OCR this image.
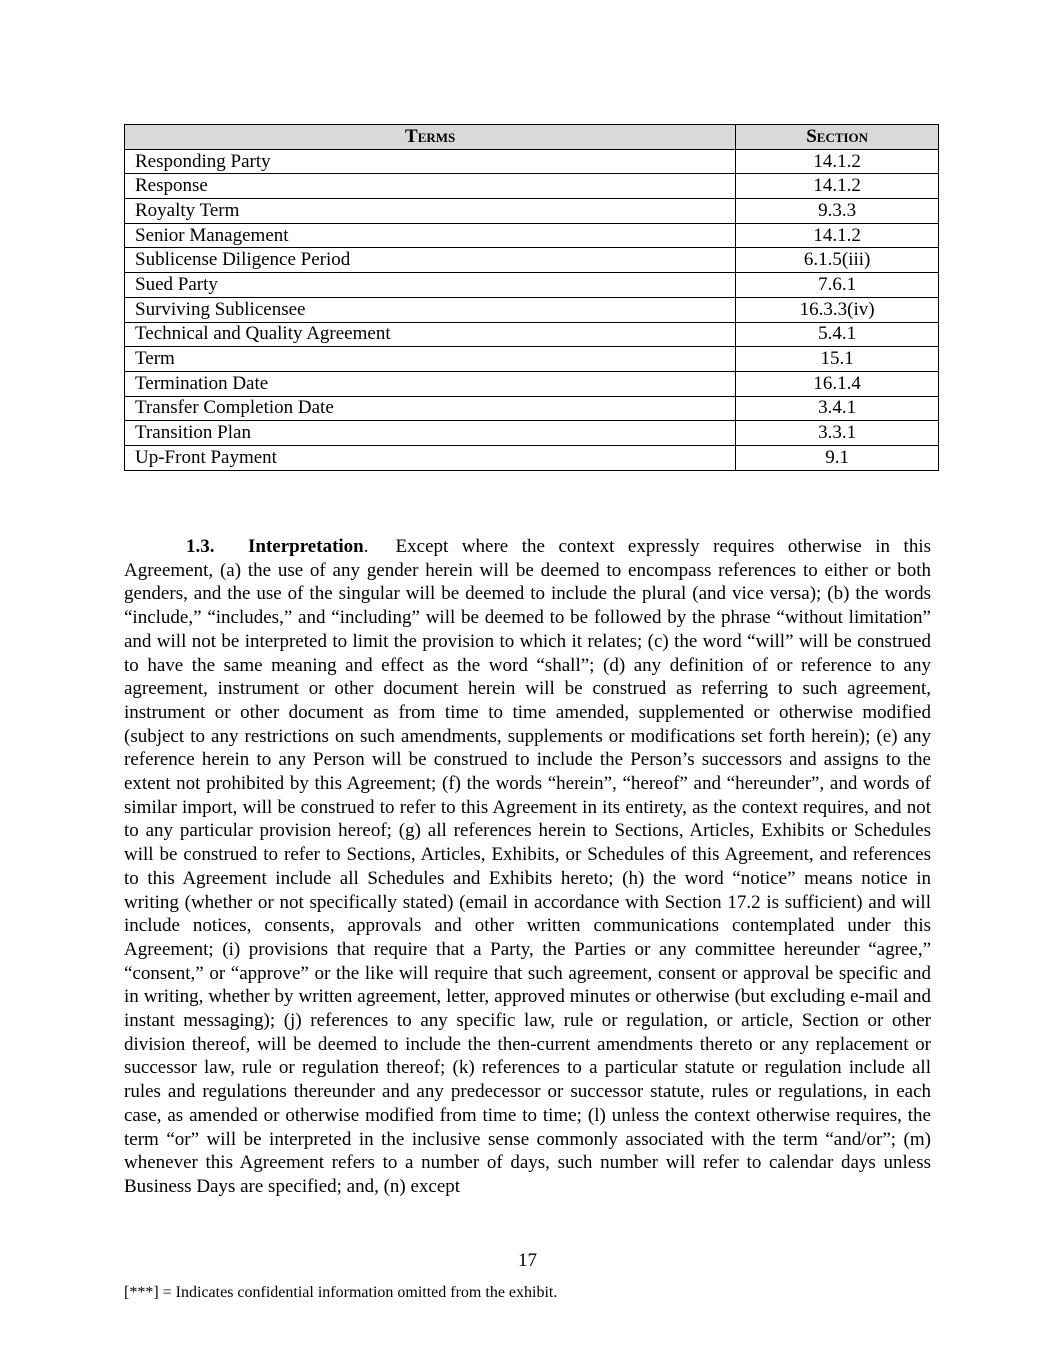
Terms	Section
Responding Party	14.1.2
Response	14.1.2
Royalty Term	9.3.3
Senior Management	14.1.2
Sublicense Diligence Period	6.1.5(iii)
Sued Party	7.6.1
Surviving Sublicensee	16.3.3(iv)
Technical and Quality Agreement	5.4.1
Term	15.1
Termination Date	16.1.4
Transfer Completion Date	3.4.1
Transition Plan	3.3.1
Up-Front Payment	9.1

1.3. Interpretation. Except where the context expressly requires otherwise in this Agreement, (a) the use of any gender herein will be deemed to encompass references to either or both genders, and the use of the singular will be deemed to include the plural (and vice versa); (b) the words “include,” “includes,” and “including” will be deemed to be followed by the phrase “without limitation” and will not be interpreted to limit the provision to which it relates; (c) the word “will” will be construed to have the same meaning and effect as the word “shall”; (d) any definition of or reference to any agreement, instrument or other document herein will be construed as referring to such agreement, instrument or other document as from time to time amended, supplemented or otherwise modified (subject to any restrictions on such amendments, supplements or modifications set forth herein); (e) any reference herein to any Person will be construed to include the Person’s successors and assigns to the extent not prohibited by this Agreement; (f) the words “herein”, “hereof” and “hereunder”, and words of similar import, will be construed to refer to this Agreement in its entirety, as the context requires, and not to any particular provision hereof; (g) all references herein to Sections, Articles, Exhibits or Schedules will be construed to refer to Sections, Articles, Exhibits, or Schedules of this Agreement, and references to this Agreement include all Schedules and Exhibits hereto; (h) the word “notice” means notice in writing (whether or not specifically stated) (email in accordance with Section 17.2 is sufficient) and will include notices, consents, approvals and other written communications contemplated under this Agreement; (i) provisions that require that a Party, the Parties or any committee hereunder “agree,” “consent,” or “approve” or the like will require that such agreement, consent or approval be specific and in writing, whether by written agreement, letter, approved minutes or otherwise (but excluding e-mail and instant messaging); (j) references to any specific law, rule or regulation, or article, Section or other division thereof, will be deemed to include the then-current amendments thereto or any replacement or successor law, rule or regulation thereof; (k) references to a particular statute or regulation include all rules and regulations thereunder and any predecessor or successor statute, rules or regulations, in each case, as amended or otherwise modified from time to time; (l) unless the context otherwise requires, the term “or” will be interpreted in the inclusive sense commonly associated with the term “and/or”; (m) whenever this Agreement refers to a number of days, such number will refer to calendar days unless Business Days are specified; and, (n) except

17
[***] = Indicates confidential information omitted from the exhibit.
